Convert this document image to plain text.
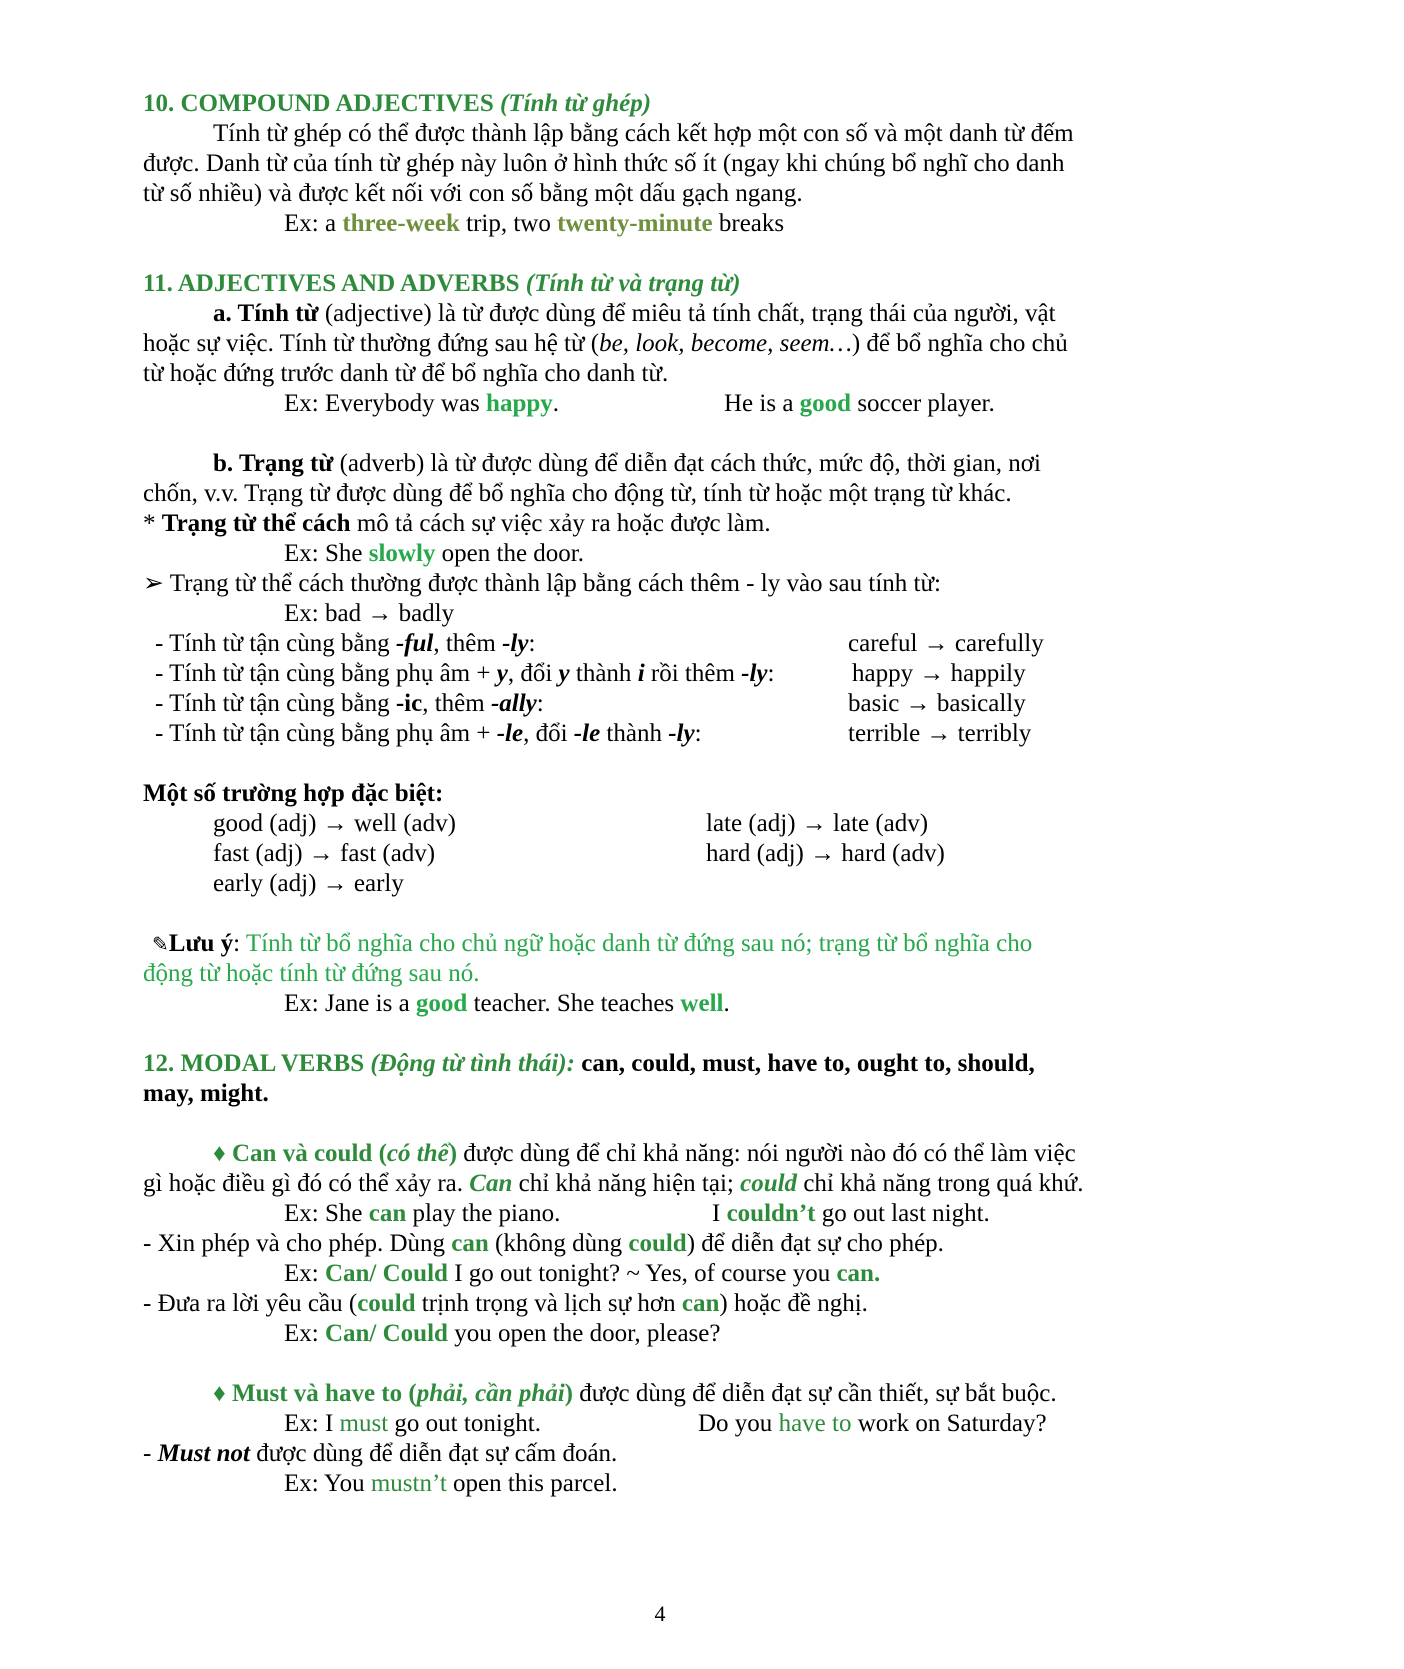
10. COMPOUND ADJECTIVES (Tính từ ghép)
Tính từ ghép có thể được thành lập bằng cách kết hợp một con số và một danh từ đếm
được. Danh từ của tính từ ghép này luôn ở hình thức số ít (ngay khi chúng bổ nghĩ cho danh
từ số nhiều) và được kết nối với con số bằng một dấu gạch ngang.
Ex: a three-week trip, two twenty-minute breaks
11. ADJECTIVES AND ADVERBS (Tính từ và trạng từ)
a. Tính từ (adjective) là từ được dùng để miêu tả tính chất, trạng thái của người, vật
hoặc sự việc. Tính từ thường đứng sau hệ từ (be, look, become, seem…) để bổ nghĩa cho chủ
từ hoặc đứng trước danh từ để bổ nghĩa cho danh từ.
Ex: Everybody was happy.	He is a good soccer player.
b. Trạng từ (adverb) là từ được dùng để diễn đạt cách thức, mức độ, thời gian, nơi
chốn, v.v. Trạng từ được dùng để bổ nghĩa cho động từ, tính từ hoặc một trạng từ khác.
* Trạng từ thể cách mô tả cách sự việc xảy ra hoặc được làm.
Ex: She slowly open the door.
➢ Trạng từ thể cách thường được thành lập bằng cách thêm - ly vào sau tính từ:
Ex: bad → badly
- Tính từ tận cùng bằng -ful, thêm -ly:	careful → carefully
- Tính từ tận cùng bằng phụ âm + y, đổi y thành i rồi thêm -ly:	happy → happily
- Tính từ tận cùng bằng -ic, thêm -ally:	basic → basically
- Tính từ tận cùng bằng phụ âm + -le, đổi -le thành -ly:	terrible → terribly
Một số trường hợp đặc biệt:
good (adj) → well (adv)	late (adj) → late (adv)
fast (adj) → fast (adv)	hard (adj) → hard (adv)
early (adj) → early
✎Lưu ý: Tính từ bổ nghĩa cho chủ ngữ hoặc danh từ đứng sau nó; trạng từ bổ nghĩa cho
động từ hoặc tính từ đứng sau nó.
Ex: Jane is a good teacher. She teaches well.
12. MODAL VERBS (Động từ tình thái): can, could, must, have to, ought to, should,
may, might.
♦ Can và could (có thể) được dùng để chỉ khả năng: nói người nào đó có thể làm việc
gì hoặc điều gì đó có thể xảy ra. Can chỉ khả năng hiện tại; could chỉ khả năng trong quá khứ.
Ex: She can play the piano.	I couldn’t go out last night.
- Xin phép và cho phép. Dùng can (không dùng could) để diễn đạt sự cho phép.
Ex: Can/ Could I go out tonight? ~ Yes, of course you can.
- Đưa ra lời yêu cầu (could trịnh trọng và lịch sự hơn can) hoặc đề nghị.
Ex: Can/ Could you open the door, please?
♦ Must và have to (phải, cần phải) được dùng để diễn đạt sự cần thiết, sự bắt buộc.
Ex: I must go out tonight.	Do you have to work on Saturday?
- Must not được dùng để diễn đạt sự cấm đoán.
Ex: You mustn’t open this parcel.
4
